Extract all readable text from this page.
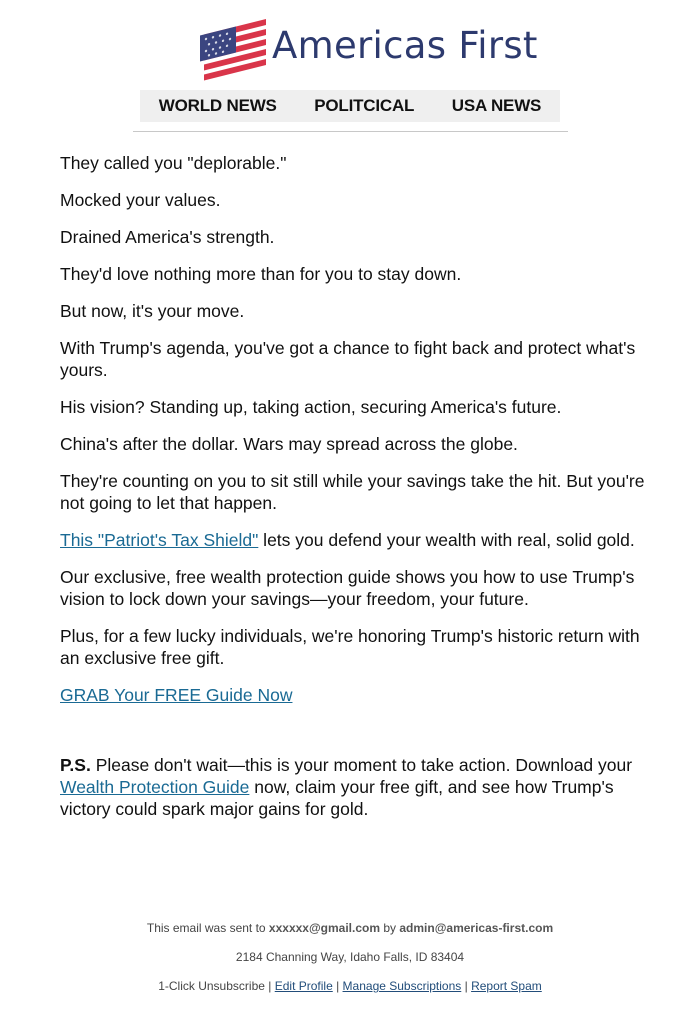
Americas First
WORLD NEWS POLITCICAL USA NEWS

They called you "deplorable."

Mocked your values.

Drained America's strength.

They'd love nothing more than for you to stay down.

But now, it's your move.

With Trump's agenda, you've got a chance to fight back and protect what's yours.

His vision? Standing up, taking action, securing America's future.

China's after the dollar. Wars may spread across the globe.

They're counting on you to sit still while your savings take the hit. But you're not going to let that happen.

This "Patriot's Tax Shield" lets you defend your wealth with real, solid gold.

Our exclusive, free wealth protection guide shows you how to use Trump's vision to lock down your savings—your freedom, your future.

Plus, for a few lucky individuals, we're honoring Trump's historic return with an exclusive free gift.

GRAB Your FREE Guide Now

P.S. Please don't wait—this is your moment to take action. Download your Wealth Protection Guide now, claim your free gift, and see how Trump's victory could spark major gains for gold.

This email was sent to xxxxxx@gmail.com by admin@americas-first.com
2184 Channing Way, Idaho Falls, ID 83404
1-Click Unsubscribe | Edit Profile | Manage Subscriptions | Report Spam
